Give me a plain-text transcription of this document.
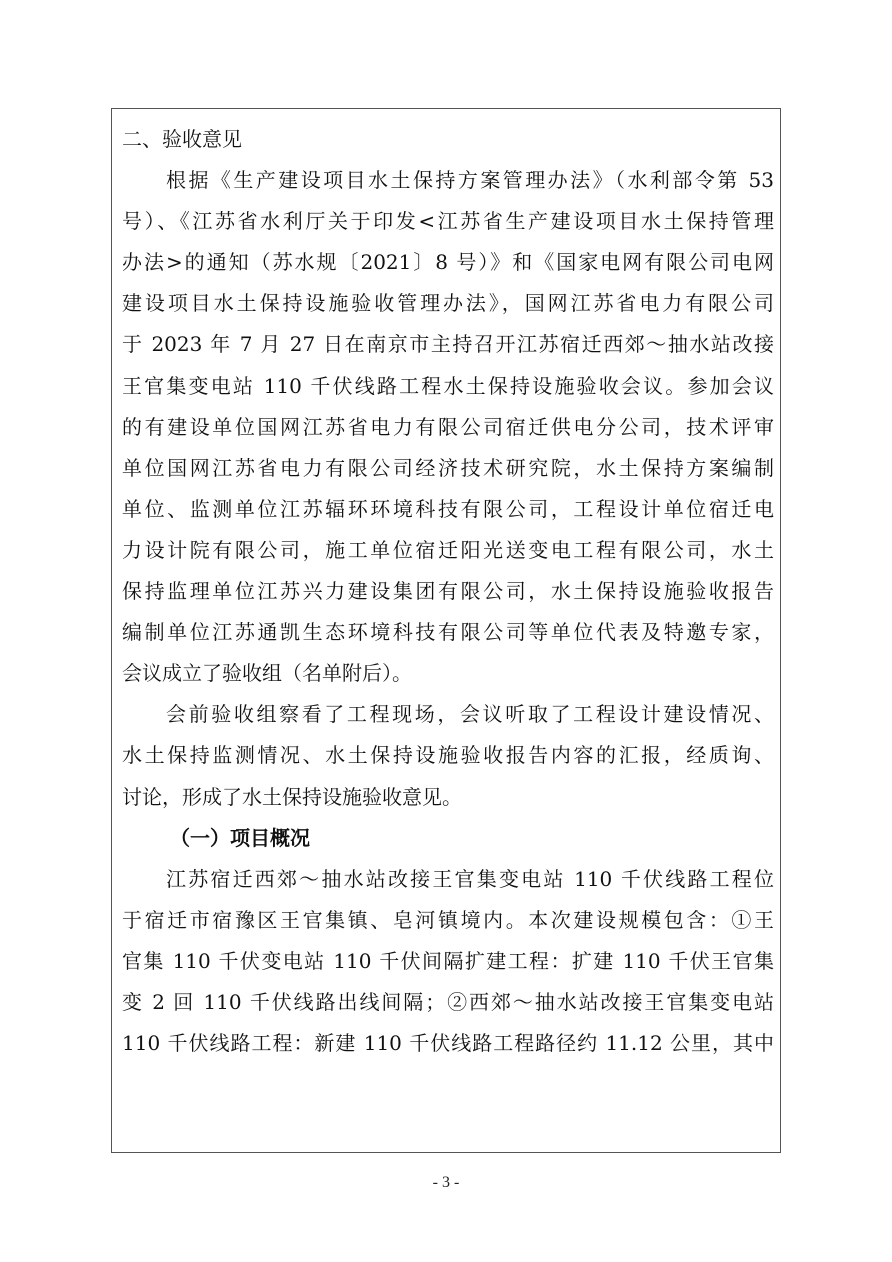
二、验收意见
根据《生产建设项目水土保持方案管理办法》（水利部令第 53
号）、《江苏省水利厅关于印发<江苏省生产建设项目水土保持管理
办法>的通知（苏水规〔2021〕8 号）》和《国家电网有限公司电网
建设项目水土保持设施验收管理办法》，国网江苏省电力有限公司
于 2023 年 7 月 27 日在南京市主持召开江苏宿迁西郊～抽水站改接
王官集变电站 110 千伏线路工程水土保持设施验收会议。参加会议
的有建设单位国网江苏省电力有限公司宿迁供电分公司，技术评审
单位国网江苏省电力有限公司经济技术研究院，水土保持方案编制
单位、监测单位江苏辐环环境科技有限公司，工程设计单位宿迁电
力设计院有限公司，施工单位宿迁阳光送变电工程有限公司，水土
保持监理单位江苏兴力建设集团有限公司，水土保持设施验收报告
编制单位江苏通凯生态环境科技有限公司等单位代表及特邀专家，
会议成立了验收组（名单附后）。
会前验收组察看了工程现场，会议听取了工程设计建设情况、
水土保持监测情况、水土保持设施验收报告内容的汇报，经质询、
讨论，形成了水土保持设施验收意见。
（一）项目概况
江苏宿迁西郊～抽水站改接王官集变电站 110 千伏线路工程位
于宿迁市宿豫区王官集镇、皂河镇境内。本次建设规模包含：①王
官集 110 千伏变电站 110 千伏间隔扩建工程：扩建 110 千伏王官集
变 2 回 110 千伏线路出线间隔；②西郊～抽水站改接王官集变电站
110 千伏线路工程：新建 110 千伏线路工程路径约 11.12 公里，其中
- 3 -
